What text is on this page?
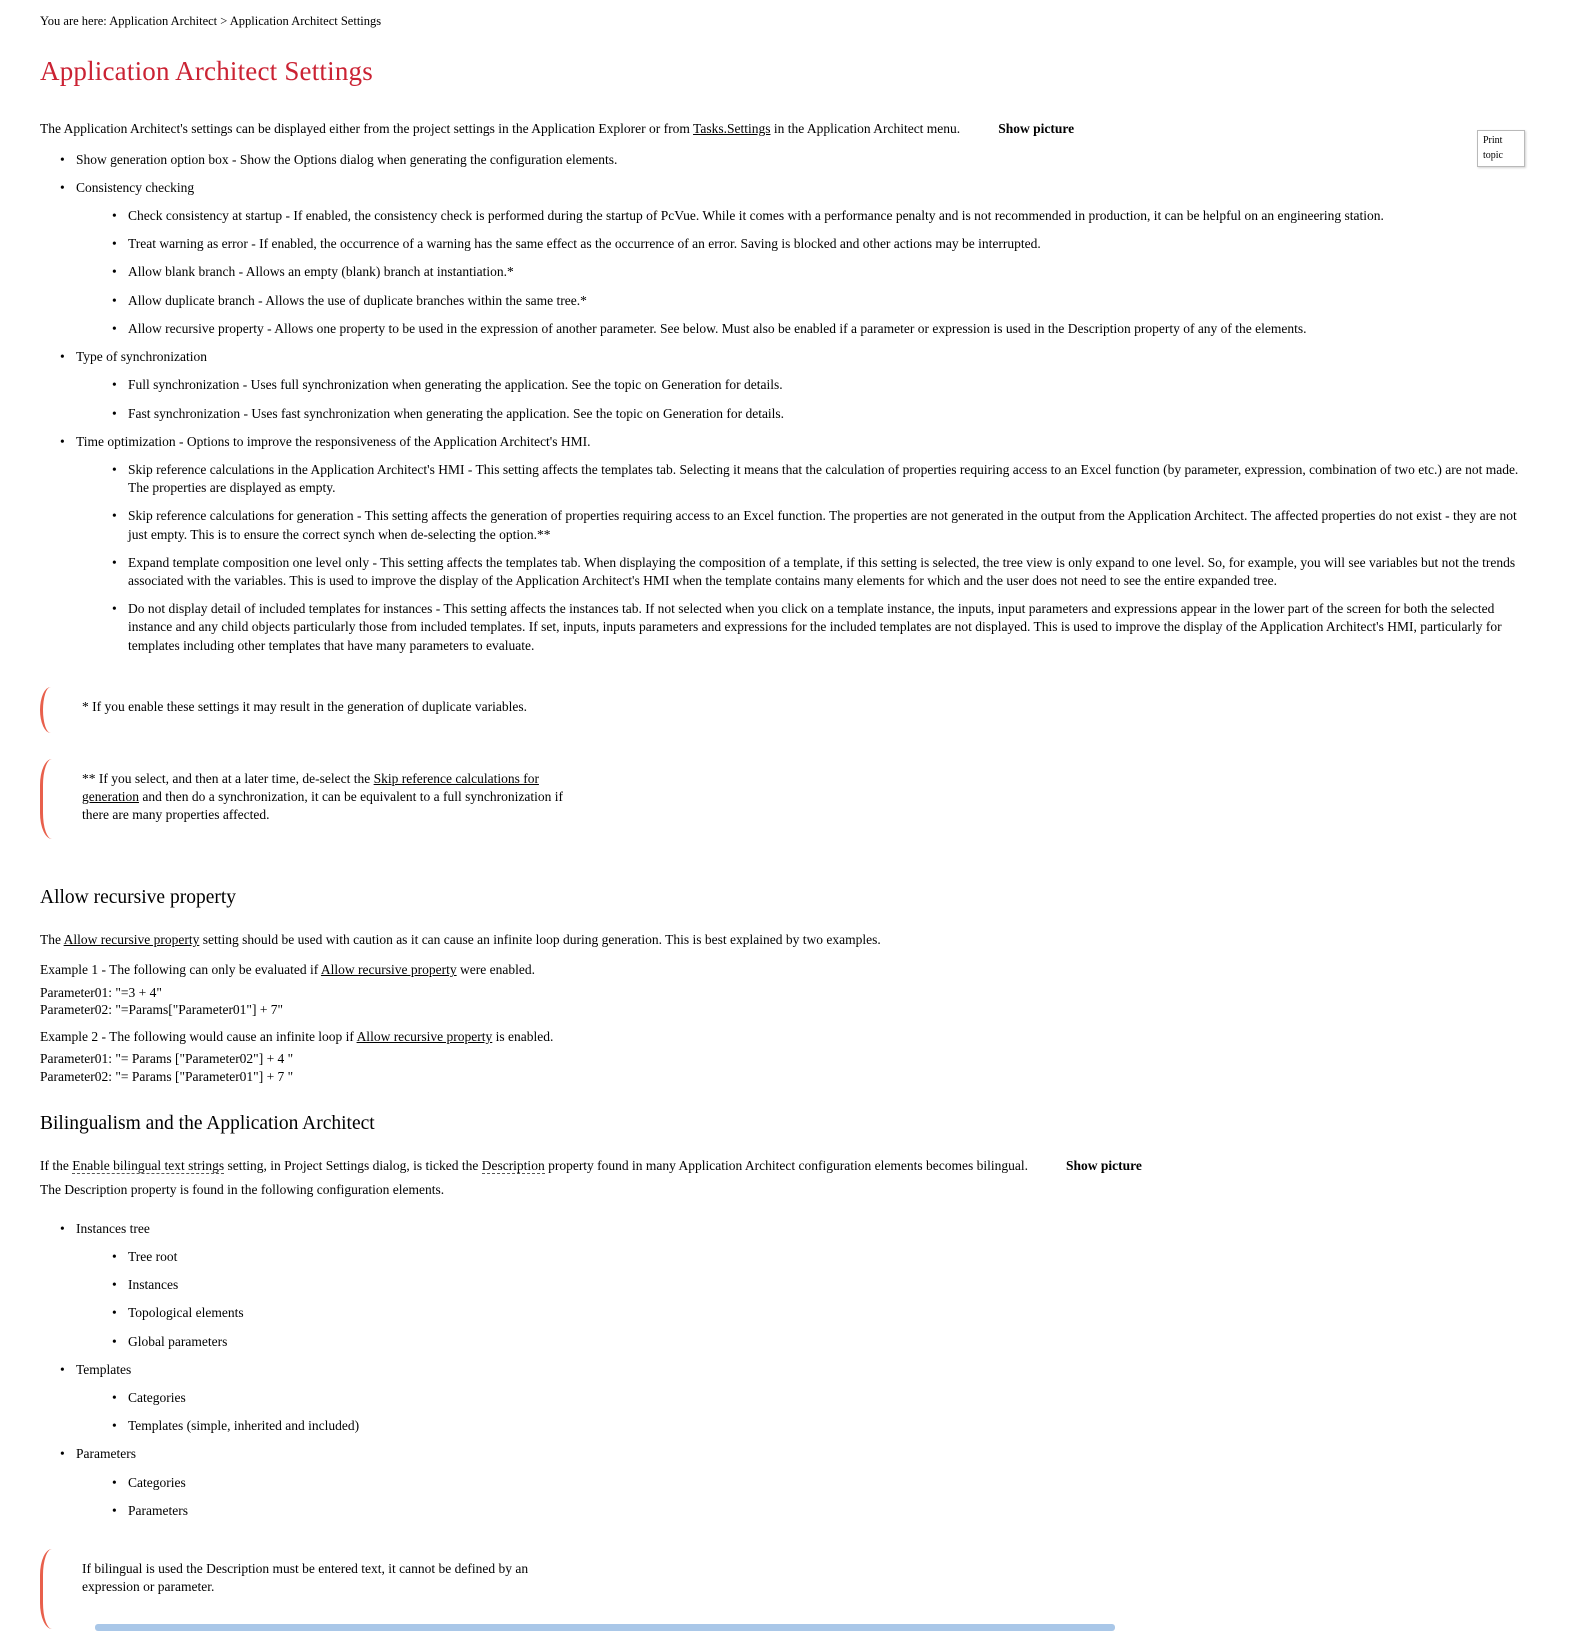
You are here: Application Architect > Application Architect Settings
Application Architect Settings

The Application Architect's settings can be displayed either from the project settings in the Application Explorer or from Tasks.Settings in the Application Architect menu.	Show picture

• Show generation option box - Show the Options dialog when generating the configuration elements.
• Consistency checking
• Check consistency at startup - If enabled, the consistency check is performed during the startup of PcVue. While it comes with a performance penalty and is not recommended in production, it can be helpful on an engineering station.
• Treat warning as error - If enabled, the occurrence of a warning has the same effect as the occurrence of an error. Saving is blocked and other actions may be interrupted.
• Allow blank branch - Allows an empty (blank) branch at instantiation.*
• Allow duplicate branch - Allows the use of duplicate branches within the same tree.*
• Allow recursive property - Allows one property to be used in the expression of another parameter. See below. Must also be enabled if a parameter or expression is used in the Description property of any of the elements.
• Type of synchronization
• Full synchronization - Uses full synchronization when generating the application. See the topic on Generation for details.
• Fast synchronization - Uses fast synchronization when generating the application. See the topic on Generation for details.
• Time optimization - Options to improve the responsiveness of the Application Architect's HMI.
• Skip reference calculations in the Application Architect's HMI - This setting affects the templates tab. Selecting it means that the calculation of properties requiring access to an Excel function (by parameter, expression, combination of two etc.) are not made. The properties are displayed as empty.
• Skip reference calculations for generation - This setting affects the generation of properties requiring access to an Excel function. The properties are not generated in the output from the Application Architect. The affected properties do not exist - they are not just empty. This is to ensure the correct synch when de-selecting the option.**
• Expand template composition one level only - This setting affects the templates tab. When displaying the composition of a template, if this setting is selected, the tree view is only expand to one level. So, for example, you will see variables but not the trends associated with the variables. This is used to improve the display of the Application Architect's HMI when the template contains many elements for which and the user does not need to see the entire expanded tree.
• Do not display detail of included templates for instances - This setting affects the instances tab. If not selected when you click on a template instance, the inputs, input parameters and expressions appear in the lower part of the screen for both the selected instance and any child objects particularly those from included templates. If set, inputs, inputs parameters and expressions for the included templates are not displayed. This is used to improve the display of the Application Architect's HMI, particularly for templates including other templates that have many parameters to evaluate.
* If you enable these settings it may result in the generation of duplicate variables.
** If you select, and then at a later time, de-select the Skip reference calculations for generation and then do a synchronization, it can be equivalent to a full synchronization if there are many properties affected.
Allow recursive property

The Allow recursive property setting should be used with caution as it can cause an infinite loop during generation. This is best explained by two examples.

Example 1 - The following can only be evaluated if Allow recursive property were enabled.

Parameter01: "=3 + 4"
Parameter02: "=Params["Parameter01"] + 7"

Example 2 - The following would cause an infinite loop if Allow recursive property is enabled.

Parameter01: "= Params ["Parameter02"] + 4 "
Parameter02: "= Params ["Parameter01"] + 7 "
Bilingualism and the Application Architect

If the Enable bilingual text strings setting, in Project Settings dialog, is ticked the Description property found in many Application Architect configuration elements becomes bilingual.	Show picture

The Description property is found in the following configuration elements.

• Instances tree
• Tree root
• Instances
• Topological elements
• Global parameters
• Templates
• Categories
• Templates (simple, inherited and included)
• Parameters
• Categories
• Parameters
If bilingual is used the Description must be entered text, it cannot be defined by an expression or parameter.
Print topic
